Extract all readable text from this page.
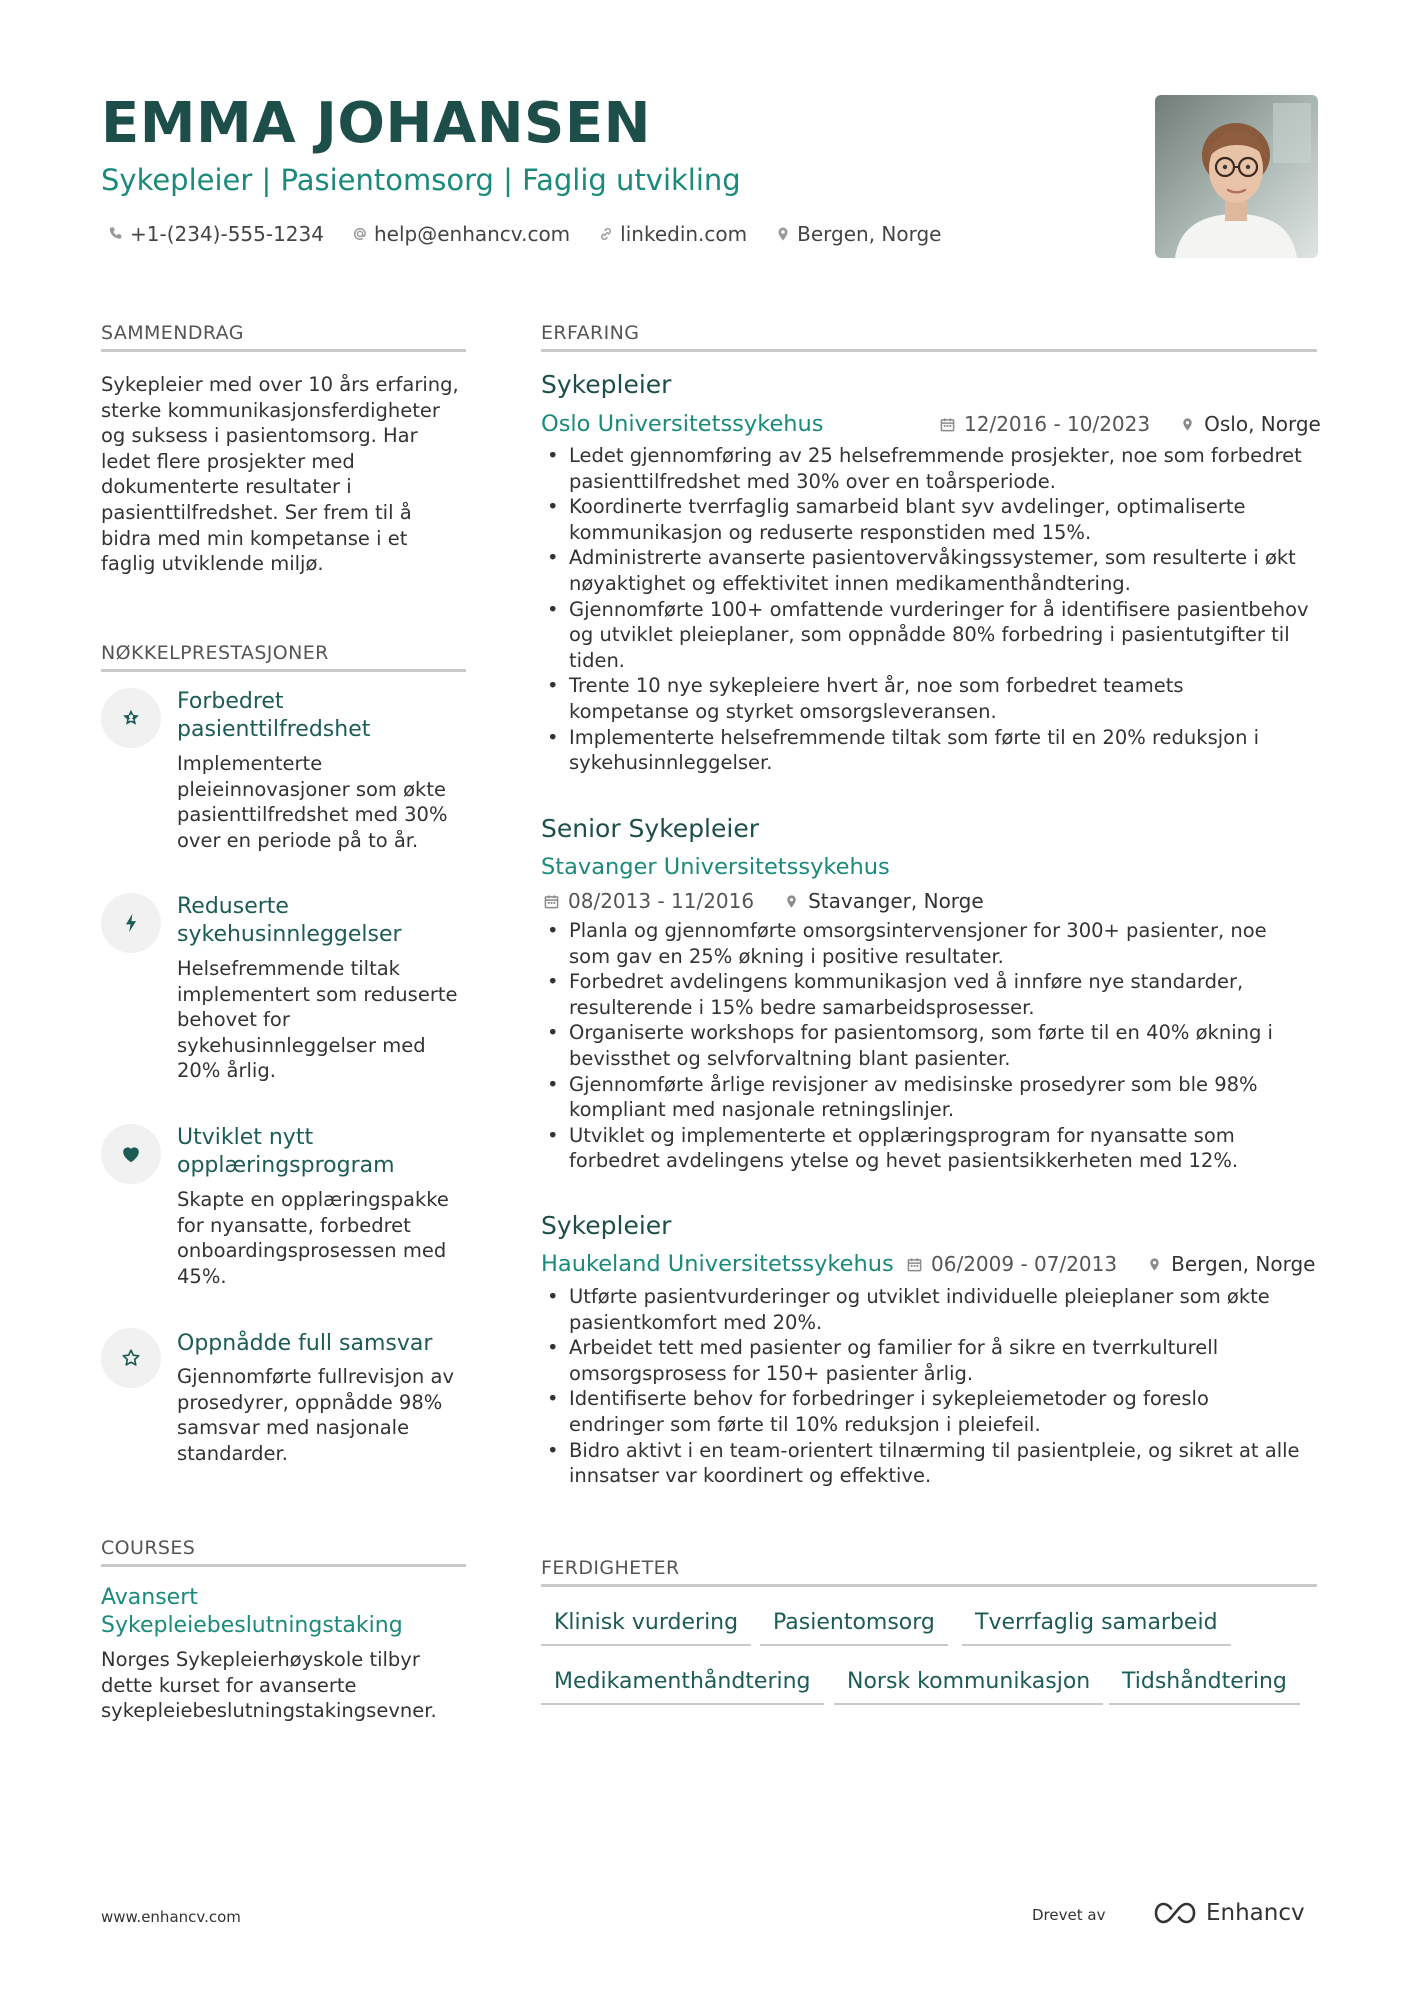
EMMA JOHANSEN
Sykepleier | Pasientomsorg | Faglig utvikling
+1-(234)-555-1234	help@enhancv.com	linkedin.com	Bergen, Norge
SAMMENDRAG
Sykepleier med over 10 års erfaring,
sterke kommunikasjonsferdigheter
og suksess i pasientomsorg. Har
ledet flere prosjekter med
dokumenterte resultater i
pasienttilfredshet. Ser frem til å
bidra med min kompetanse i et
faglig utviklende miljø.
NØKKELPRESTASJONER
Forbedret
pasienttilfredshet
Implementerte
pleieinnovasjoner som økte
pasienttilfredshet med 30%
over en periode på to år.
Reduserte
sykehusinnleggelser
Helsefremmende tiltak
implementert som reduserte
behovet for
sykehusinnleggelser med
20% årlig.
Utviklet nytt
opplæringsprogram
Skapte en opplæringspakke
for nyansatte, forbedret
onboardingsprosessen med
45%.
Oppnådde full samsvar
Gjennomførte fullrevisjon av
prosedyrer, oppnådde 98%
samsvar med nasjonale
standarder.
COURSES
Avansert
Sykepleiebeslutningstaking
Norges Sykepleierhøyskole tilbyr
dette kurset for avanserte
sykepleiebeslutningstakingsevner.
ERFARING
Sykepleier
Oslo Universitetssykehus	12/2016 - 10/2023	Oslo, Norge
• Ledet gjennomføring av 25 helsefremmende prosjekter, noe som forbedret
pasienttilfredshet med 30% over en toårsperiode.
• Koordinerte tverrfaglig samarbeid blant syv avdelinger, optimaliserte
kommunikasjon og reduserte responstiden med 15%.
• Administrerte avanserte pasientovervåkingssystemer, som resulterte i økt
nøyaktighet og effektivitet innen medikamenthåndtering.
• Gjennomførte 100+ omfattende vurderinger for å identifisere pasientbehov
og utviklet pleieplaner, som oppnådde 80% forbedring i pasientutgifter til
tiden.
• Trente 10 nye sykepleiere hvert år, noe som forbedret teamets
kompetanse og styrket omsorgsleveransen.
• Implementerte helsefremmende tiltak som førte til en 20% reduksjon i
sykehusinnleggelser.
Senior Sykepleier
Stavanger Universitetssykehus
08/2013 - 11/2016	Stavanger, Norge
• Planla og gjennomførte omsorgsintervensjoner for 300+ pasienter, noe
som gav en 25% økning i positive resultater.
• Forbedret avdelingens kommunikasjon ved å innføre nye standarder,
resulterende i 15% bedre samarbeidsprosesser.
• Organiserte workshops for pasientomsorg, som førte til en 40% økning i
bevissthet og selvforvaltning blant pasienter.
• Gjennomførte årlige revisjoner av medisinske prosedyrer som ble 98%
kompliant med nasjonale retningslinjer.
• Utviklet og implementerte et opplæringsprogram for nyansatte som
forbedret avdelingens ytelse og hevet pasientsikkerheten med 12%.
Sykepleier
Haukeland Universitetssykehus 06/2009 - 07/2013	Bergen, Norge
• Utførte pasientvurderinger og utviklet individuelle pleieplaner som økte
pasientkomfort med 20%.
• Arbeidet tett med pasienter og familier for å sikre en tverrkulturell
omsorgsprosess for 150+ pasienter årlig.
• Identifiserte behov for forbedringer i sykepleiemetoder og foreslo
endringer som førte til 10% reduksjon i pleiefeil.
• Bidro aktivt i en team-orientert tilnærming til pasientpleie, og sikret at alle
innsatser var koordinert og effektive.
FERDIGHETER
Klinisk vurdering	Pasientomsorg	Tverrfaglig samarbeid
Medikamenthåndtering	Norsk kommunikasjon	Tidshåndtering
www.enhancv.com	Drevet av	Enhancv
